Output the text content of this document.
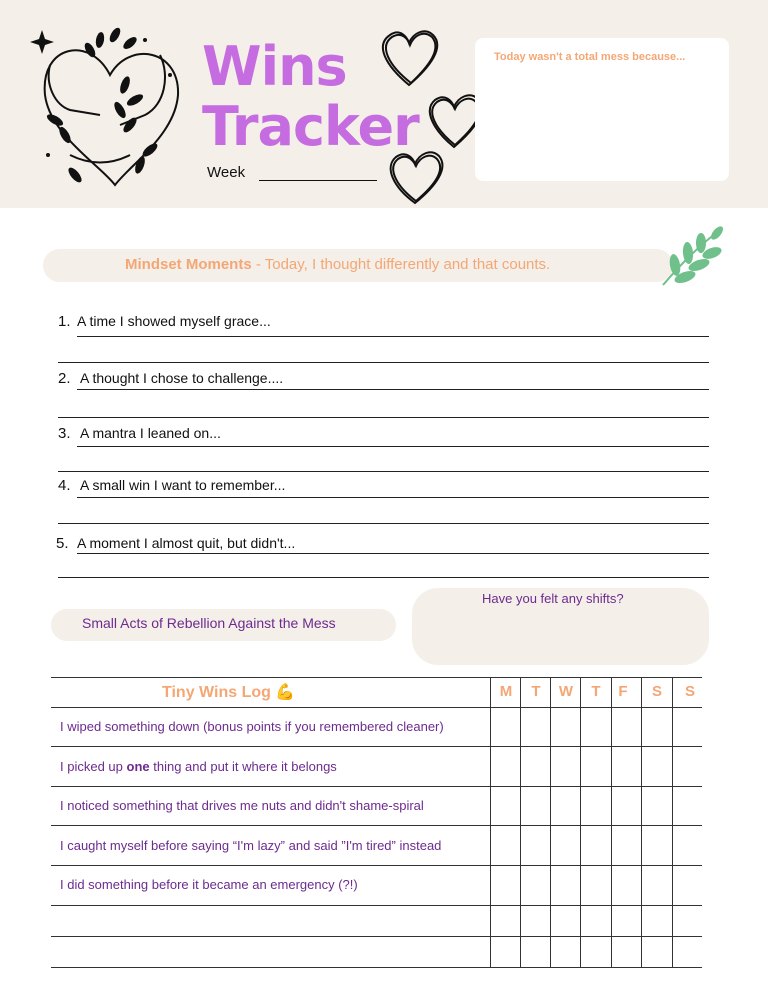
Wins
Tracker
Week
Today wasn't a total mess because...
Mindset Moments - Today, I thought differently and that counts.
1. A time I showed myself grace...
2. A thought I chose to challenge....
3. A mantra I leaned on...
4. A small win I want to remember...
5. A moment I almost quit, but didn't...
Small Acts of Rebellion Against the Mess
Have you felt any shifts?
Tiny Wins Log 💪	M	T	W	T	F	S	S
I wiped something down (bonus points if you remembered cleaner)
I picked up one thing and put it where it belongs
I noticed something that drives me nuts and didn't shame-spiral
I caught myself before saying “I'm lazy” and said ”I'm tired” instead
I did something before it became an emergency (?!)
